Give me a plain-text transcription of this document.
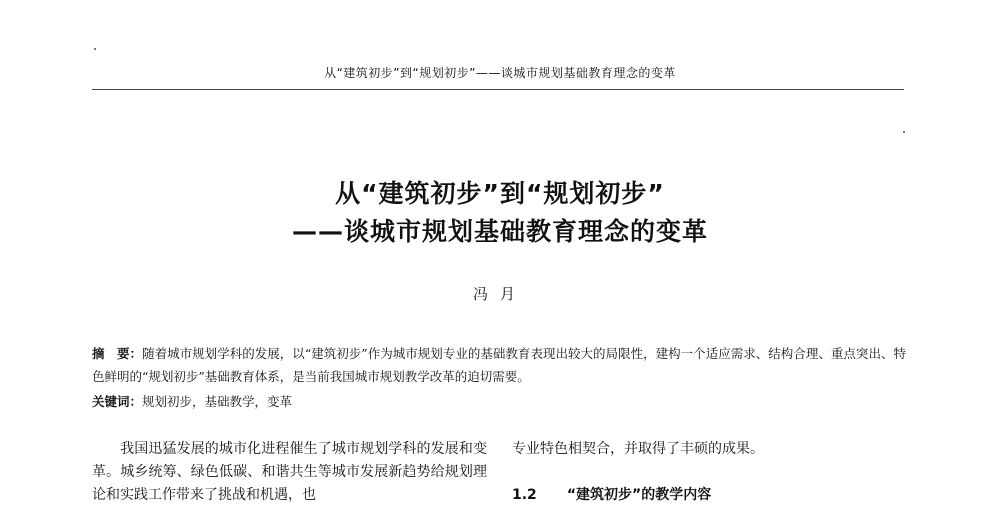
从“建筑初步”到“规划初步”——谈城市规划基础教育理念的变革
从“建筑初步”到“规划初步”
——谈城市规划基础教育理念的变革
冯月
摘　要：随着城市规划学科的发展，以“建筑初步”作为城市规划专业的基础教育表现出较大的局限性，建构一个适应需求、结构合理、重点突出、特色鲜明的“规划初步”基础教育体系，是当前我国城市规划教学改革的迫切需要。
关键词：规划初步，基础教学，变革
我国迅猛发展的城市化进程催生了城市规划学科的发展和变革。城乡统筹、绿色低碳、和谐共生等城市发展新趋势给规划理论和实践工作带来了挑战和机遇，也
专业特色相契合，并取得了丰硕的成果。
1.2 “建筑初步”的教学内容
